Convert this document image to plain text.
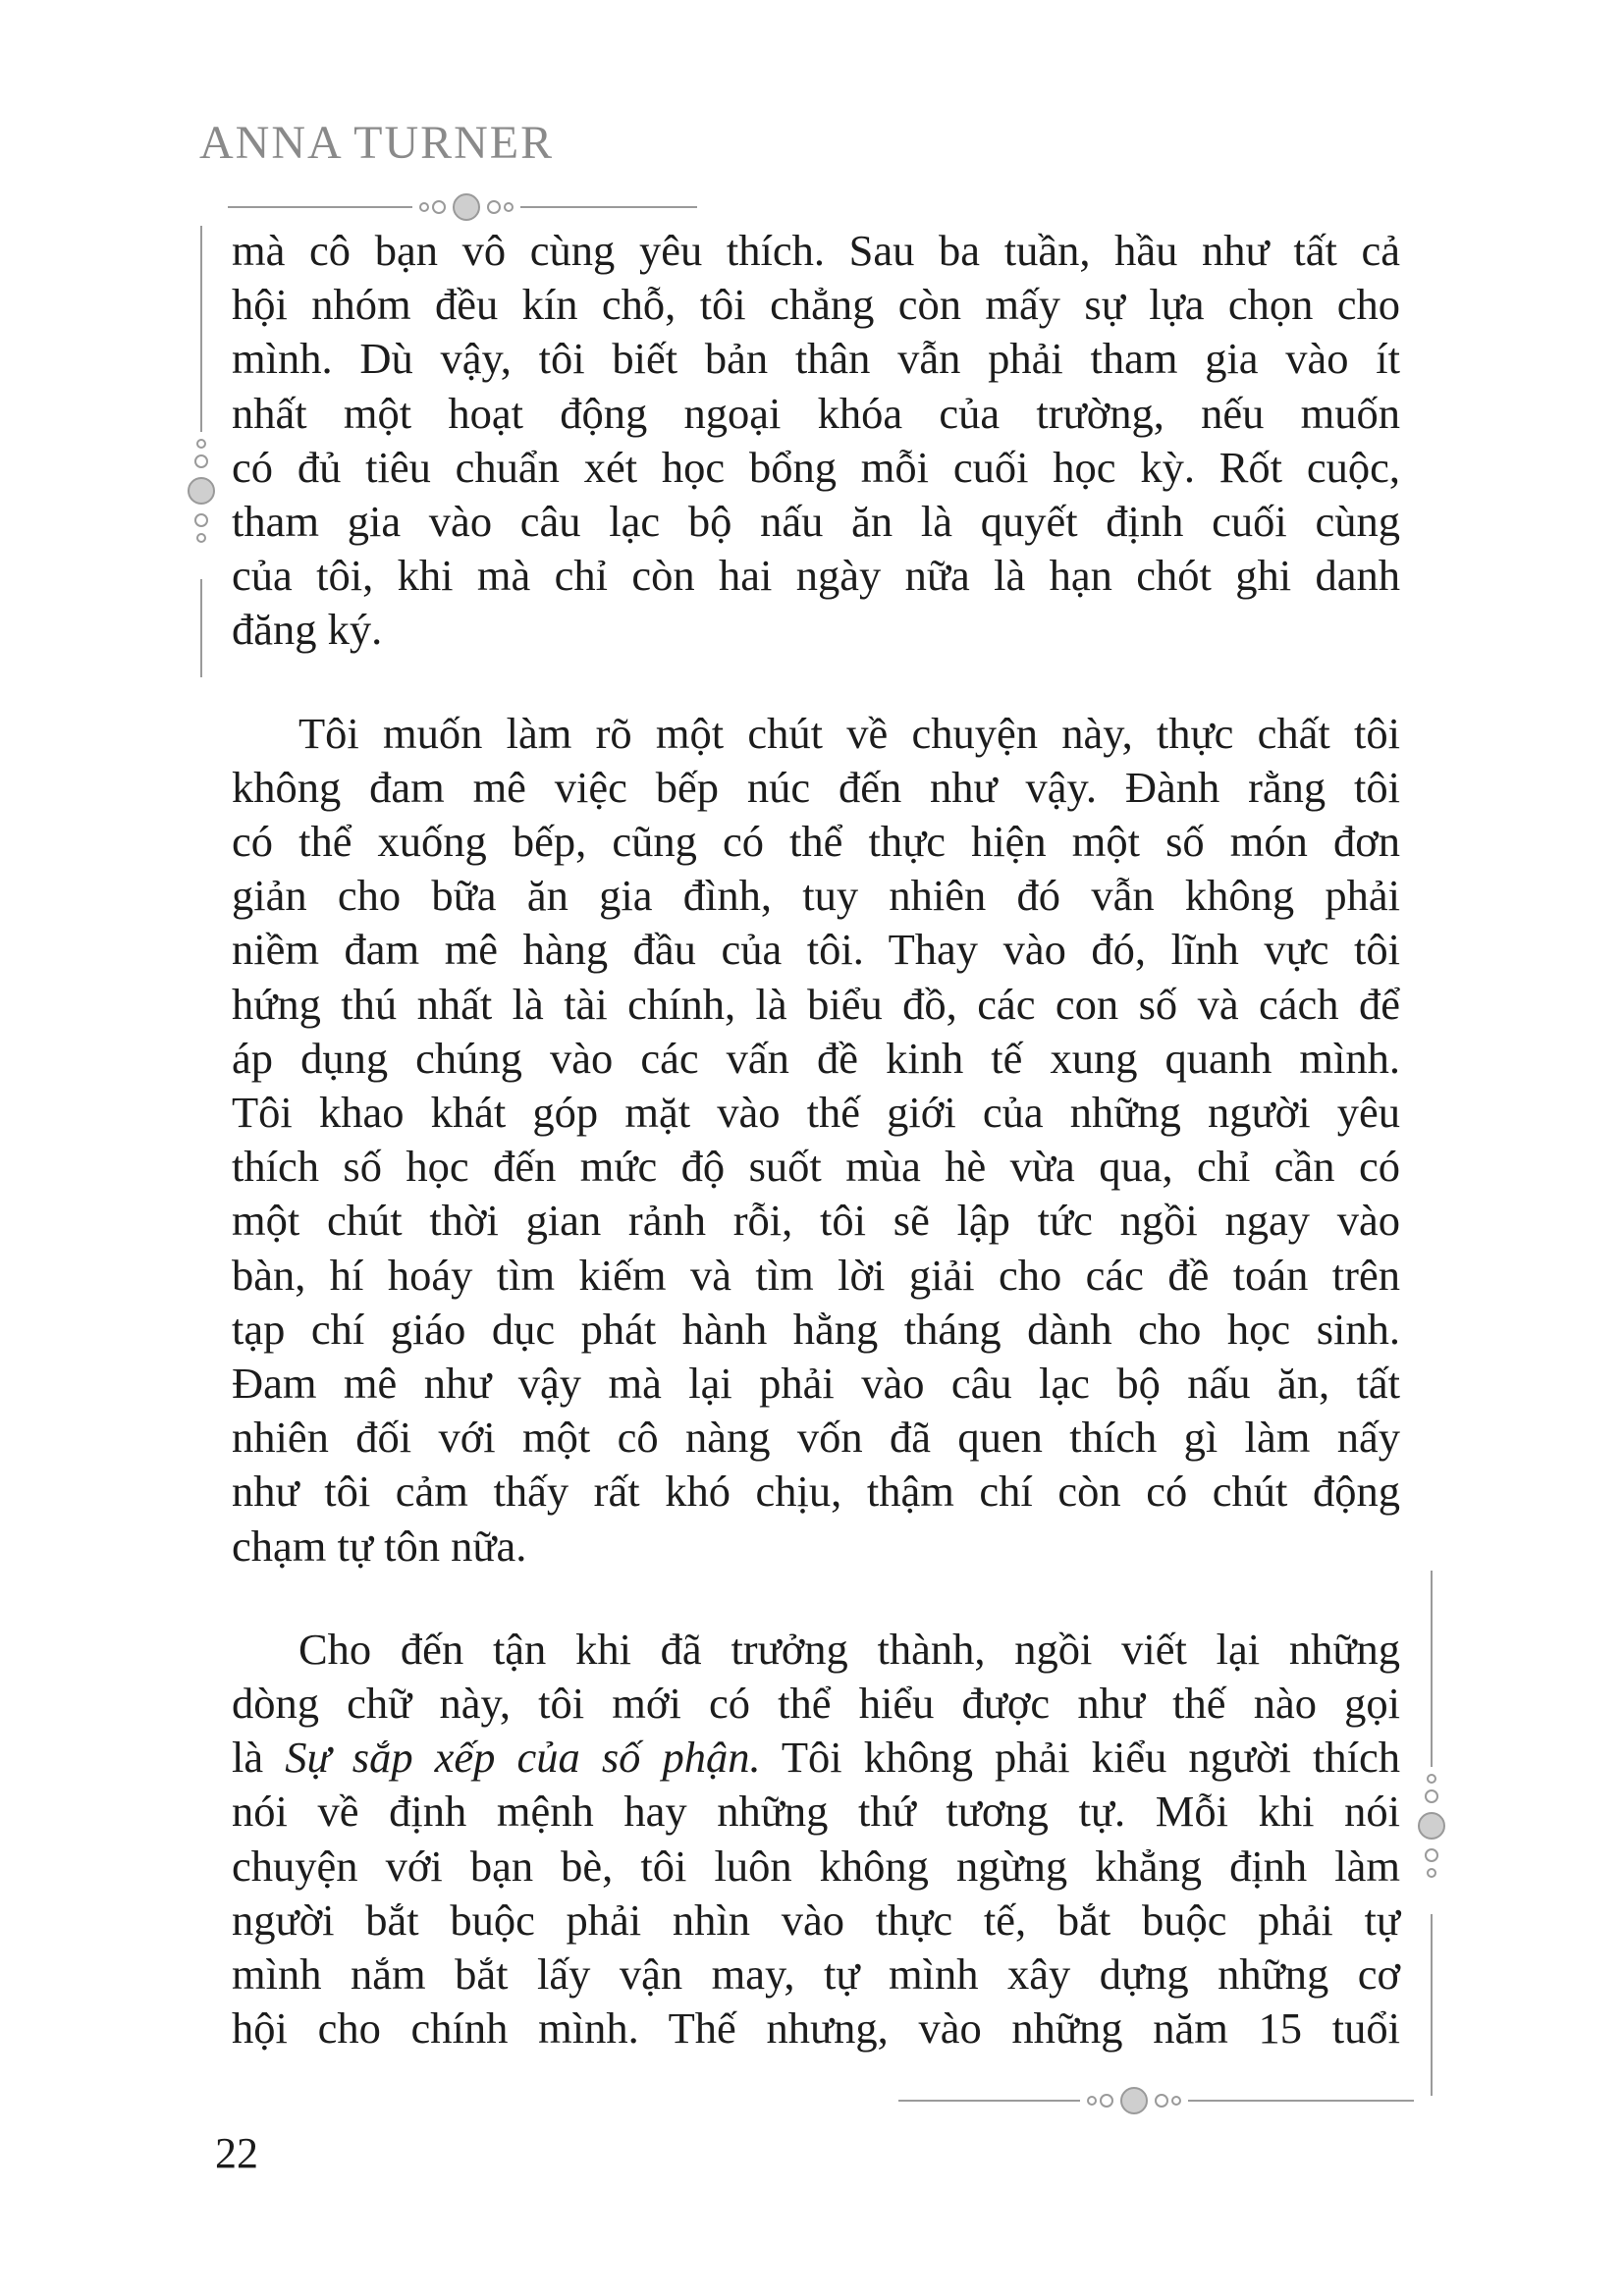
ANNA TURNER
mà cô bạn vô cùng yêu thích. Sau ba tuần, hầu như tất cả
hội nhóm đều kín chỗ, tôi chẳng còn mấy sự lựa chọn cho
mình. Dù vậy, tôi biết bản thân vẫn phải tham gia vào ít
nhất một hoạt động ngoại khóa của trường, nếu muốn
có đủ tiêu chuẩn xét học bổng mỗi cuối học kỳ. Rốt cuộc,
tham gia vào câu lạc bộ nấu ăn là quyết định cuối cùng
của tôi, khi mà chỉ còn hai ngày nữa là hạn chót ghi danh
đăng ký.
Tôi muốn làm rõ một chút về chuyện này, thực chất tôi
không đam mê việc bếp núc đến như vậy. Đành rằng tôi
có thể xuống bếp, cũng có thể thực hiện một số món đơn
giản cho bữa ăn gia đình, tuy nhiên đó vẫn không phải
niềm đam mê hàng đầu của tôi. Thay vào đó, lĩnh vực tôi
hứng thú nhất là tài chính, là biểu đồ, các con số và cách để
áp dụng chúng vào các vấn đề kinh tế xung quanh mình.
Tôi khao khát góp mặt vào thế giới của những người yêu
thích số học đến mức độ suốt mùa hè vừa qua, chỉ cần có
một chút thời gian rảnh rỗi, tôi sẽ lập tức ngồi ngay vào
bàn, hí hoáy tìm kiếm và tìm lời giải cho các đề toán trên
tạp chí giáo dục phát hành hằng tháng dành cho học sinh.
Đam mê như vậy mà lại phải vào câu lạc bộ nấu ăn, tất
nhiên đối với một cô nàng vốn đã quen thích gì làm nấy
như tôi cảm thấy rất khó chịu, thậm chí còn có chút động
chạm tự tôn nữa.
Cho đến tận khi đã trưởng thành, ngồi viết lại những
dòng chữ này, tôi mới có thể hiểu được như thế nào gọi
là Sự sắp xếp của số phận. Tôi không phải kiểu người thích
nói về định mệnh hay những thứ tương tự. Mỗi khi nói
chuyện với bạn bè, tôi luôn không ngừng khẳng định làm
người bắt buộc phải nhìn vào thực tế, bắt buộc phải tự
mình nắm bắt lấy vận may, tự mình xây dựng những cơ
hội cho chính mình. Thế nhưng, vào những năm 15 tuổi
22
